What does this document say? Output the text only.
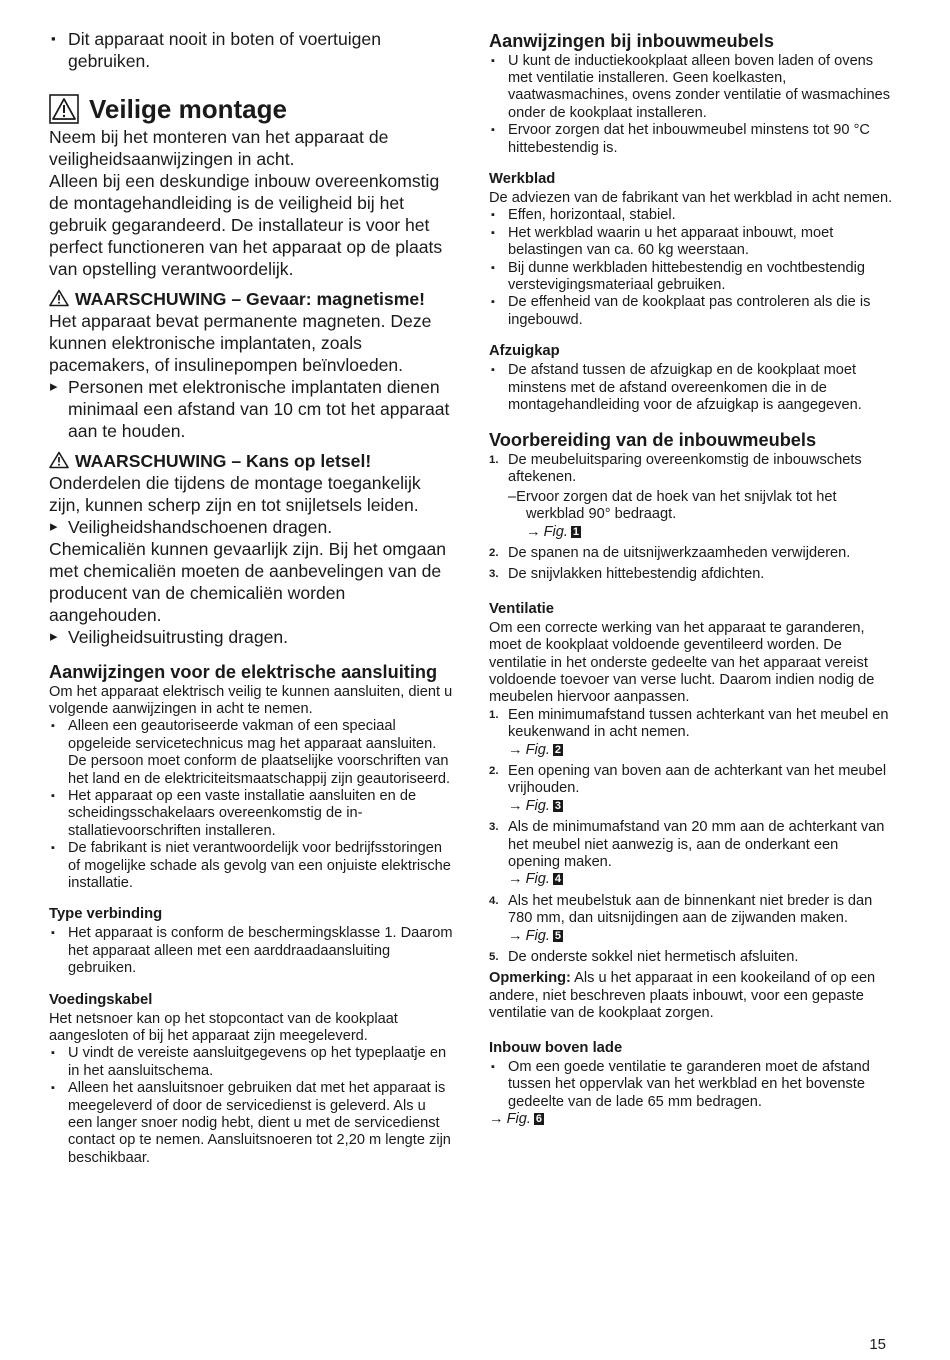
▪ Dit apparaat nooit in boten of voertuigen gebruiken.
Veilige montage

Neem bij het monteren van het apparaat de veiligheidsaanwijzingen in acht.

Alleen bij een deskundige inbouw overeenkomstig de montagehandleiding is de veiligheid bij het gebruik gegarandeerd. De installateur is voor het perfect functioneren van het apparaat op de plaats van opstelling verantwoordelijk.

WAARSCHUWING – Gevaar: magnetisme!

Het apparaat bevat permanente magneten. Deze kunnen elektronische implantaten, zoals pacemakers, of insulinepompen beïnvloeden.

▸ Personen met elektronische implantaten dienen minimaal een afstand van 10 cm tot het apparaat aan te houden.
WAARSCHUWING – Kans op letsel!

Onderdelen die tijdens de montage toegankelijk zijn, kunnen scherp zijn en tot snijletsels leiden.

▸ Veiligheidshandschoenen dragen.

Chemicaliën kunnen gevaarlijk zijn. Bij het omgaan met chemicaliën moeten de aanbevelingen van de producent van de chemicaliën worden aangehouden.

▸ Veiligheidsuitrusting dragen.
Aanwijzingen voor de elektrische aansluiting

Om het apparaat elektrisch veilig te kunnen aansluiten, dient u volgende aanwijzingen in acht te nemen.

▪ Alleen een geautoriseerde vakman of een speciaal opgeleide servicetechnicus mag het apparaat aansluiten. De persoon moet conform de plaatselijke voorschriften van het land en de elektriciteitsmaatschappij zijn geautoriseerd.
▪ Het apparaat op een vaste installatie aansluiten en de scheidingsschakelaars overeenkomstig de installatievoorschriften installeren.
▪ De fabrikant is niet verantwoordelijk voor bedrijfsstoringen of mogelijke schade als gevolg van een onjuiste elektrische installatie.
Type verbinding
▪ Het apparaat is conform de beschermingsklasse 1. Daarom het apparaat alleen met een aarddraadaansluiting gebruiken.
Voedingskabel

Het netsnoer kan op het stopcontact van de kookplaat aangesloten of bij het apparaat zijn meegeleverd.

▪ U vindt de vereiste aansluitgegevens op het typeplaatje en in het aansluitschema.
▪ Alleen het aansluitsnoer gebruiken dat met het apparaat is meegeleverd of door de servicedienst is geleverd. Als u een langer snoer nodig hebt, dient u met de servicedienst contact op te nemen. Aansluitsnoeren tot 2,20 m lengte zijn beschikbaar.
Aanwijzingen bij inbouwmeubels
▪ U kunt de inductiekookplaat alleen boven laden of ovens met ventilatie installeren. Geen koelkasten, vaatwasmachines, ovens zonder ventilatie of wasmachines onder de kookplaat installeren.
▪ Ervoor zorgen dat het inbouwmeubel minstens tot 90 °C hittebestendig is.
Werkblad

De adviezen van de fabrikant van het werkblad in acht nemen.

▪ Effen, horizontaal, stabiel.
▪ Het werkblad waarin u het apparaat inbouwt, moet belastingen van ca. 60 kg weerstaan.
▪ Bij dunne werkbladen hittebestendig en vochtbestendig verstevigingsmateriaal gebruiken.
▪ De effenheid van de kookplaat pas controleren als die is ingebouwd.
Afzuigkap
▪ De afstand tussen de afzuigkap en de kookplaat moet minstens met de afstand overeenkomen die in de montagehandleiding voor de afzuigkap is aangegeven.
Voorbereiding van de inbouwmeubels
1. De meubeluitsparing overeenkomstig de inbouwschets aftekenen.
–Ervoor zorgen dat de hoek van het snijvlak tot het werkblad 90° bedraagt.
→ Fig. 1
2. De spanen na de uitsnijwerkzaamheden verwijderen.
3. De snijvlakken hittebestendig afdichten.
Ventilatie

Om een correcte werking van het apparaat te garanderen, moet de kookplaat voldoende geventileerd worden. De ventilatie in het onderste gedeelte van het apparaat vereist voldoende toevoer van verse lucht. Daarom indien nodig de meubelen hiervoor aanpassen.

1. Een minimumafstand tussen achterkant van het meubel en keukenwand in acht nemen.
→ Fig. 2
2. Een opening van boven aan de achterkant van het meubel vrijhouden.
→ Fig. 3
3. Als de minimumafstand van 20 mm aan de achterkant van het meubel niet aanwezig is, aan de onderkant een opening maken.
→ Fig. 4
4. Als het meubelstuk aan de binnenkant niet breder is dan 780 mm, dan uitsnijdingen aan de zijwanden maken.
→ Fig. 5
5. De onderste sokkel niet hermetisch afsluiten.

Opmerking: Als u het apparaat in een kookeiland of op een andere, niet beschreven plaats inbouwt, voor een gepaste ventilatie van de kookplaat zorgen.

Inbouw boven lade
▪ Om een goede ventilatie te garanderen moet de afstand tussen het oppervlak van het werkblad en het bovenste gedeelte van de lade 65 mm bedragen.
→ Fig. 6
15
